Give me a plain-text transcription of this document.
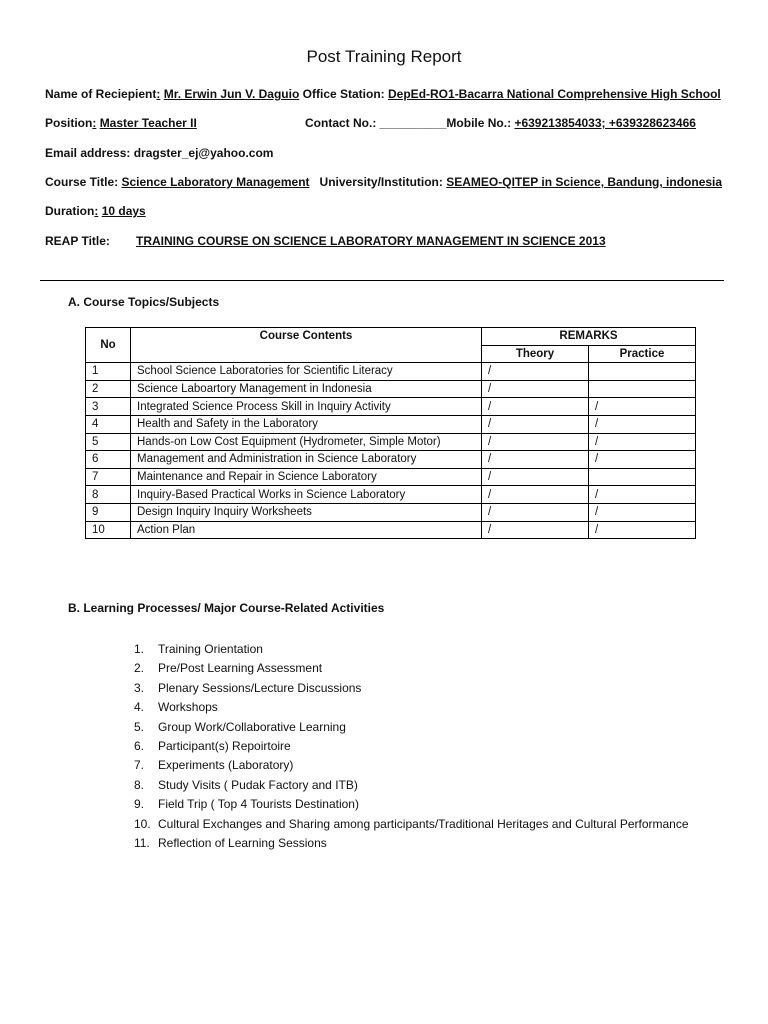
Post Training Report
Name of Reciepient: Mr. Erwin Jun V. Daguio Office Station: DepEd-RO1-Bacarra National Comprehensive High School
Position: Master Teacher II	Contact No.: __________Mobile No.: +639213854033; +639328623466
Email address: dragster_ej@yahoo.com
Course Title: Science Laboratory Management University/Institution: SEAMEO-QITEP in Science, Bandung, indonesia
Duration: 10 days
REAP Title: TRAINING COURSE ON SCIENCE LABORATORY MANAGEMENT IN SCIENCE 2013
A. Course Topics/Subjects
No	Course Contents	REMARKS	
		Theory	Practice
1	School Science Laboratories for Scientific Literacy	/	
2	Science Laboartory Management in Indonesia	/	
3	Integrated Science Process Skill in Inquiry Activity	/	/
4	Health and Safety in the Laboratory	/	/
5	Hands-on Low Cost Equipment (Hydrometer, Simple Motor)	/	/
6	Management and Administration in Science Laboratory	/	/
7	Maintenance and Repair in Science Laboratory	/	
8	Inquiry-Based Practical Works in Science Laboratory	/	/
9	Design Inquiry Inquiry Worksheets	/	/
10	Action Plan	/	/
B. Learning Processes/ Major Course-Related Activities
1.	Training Orientation
2.	Pre/Post Learning Assessment
3.	Plenary Sessions/Lecture Discussions
4.	Workshops
5.	Group Work/Collaborative Learning
6.	Participant(s) Repoirtoire
7.	Experiments (Laboratory)
8.	Study Visits ( Pudak Factory and ITB)
9.	Field Trip ( Top 4 Tourists Destination)
10. Cultural Exchanges and Sharing among participants/Traditional Heritages and Cultural Performance
11. Reflection of Learning Sessions
